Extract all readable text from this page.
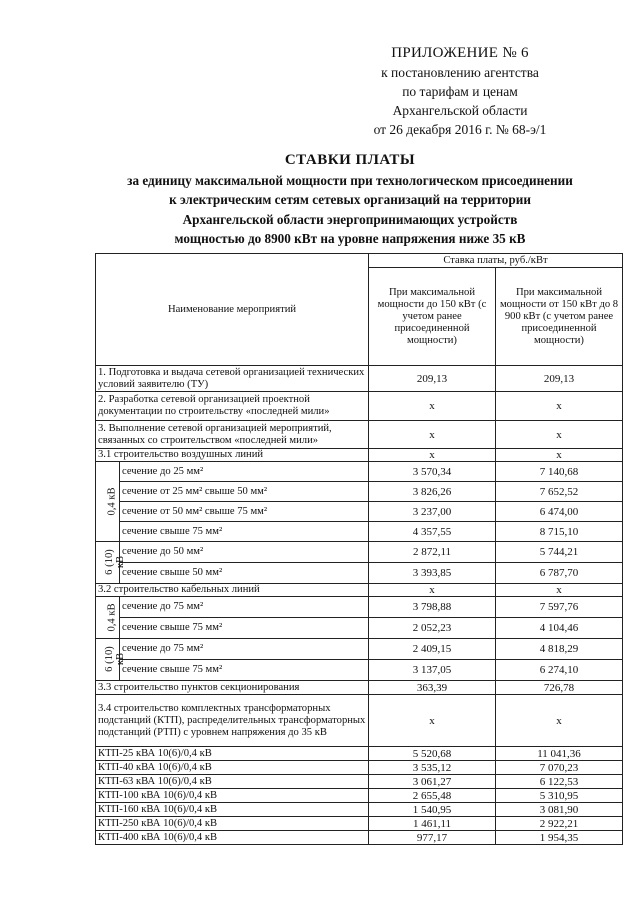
ПРИЛОЖЕНИЕ № 6
к постановлению агентства
по тарифам и ценам
Архангельской области
от 26 декабря 2016 г. № 68-э/1
СТАВКИ ПЛАТЫ
за единицу максимальной мощности при технологическом присоединении
к электрическим сетям сетевых организаций на территории
Архангельской области энергопринимающих устройств
мощностью до 8900 кВт на уровне напряжения ниже 35 кВ
Наименование мероприятий		Ставка платы, руб./кВт	
		При максимальной мощности до 150 кВт (с учетом ранее присоединенной мощности)	При максимальной мощности от 150 кВт до 8 900 кВт (с учетом ранее присоединенной мощности)
1. Подготовка и выдача сетевой организацией технических условий заявителю (ТУ)		209,13	209,13
2. Разработка сетевой организацией проектной документации по строительству «последней мили»		х	х
3. Выполнение сетевой организацией мероприятий, связанных со строительством «последней мили»		х	х
3.1 строительство воздушных линий		х	х
0,4 кВ	сечение до 25 мм²	3 570,34	7 140,68
	сечение от 25 мм² свыше 50 мм²	3 826,26	7 652,52
	сечение от 50 мм² свыше 75 мм²	3 237,00	6 474,00
	сечение свыше 75 мм²	4 357,55	8 715,10
6 (10) кВ	сечение до 50 мм²	2 872,11	5 744,21
	сечение свыше 50 мм²	3 393,85	6 787,70
3.2 строительство кабельных линий		х	х
0,4 кВ	сечение до 75 мм²	3 798,88	7 597,76
	сечение свыше 75 мм²	2 052,23	4 104,46
6 (10) кВ	сечение до 75 мм²	2 409,15	4 818,29
	сечение свыше 75 мм²	3 137,05	6 274,10
3.3 строительство пунктов секционирования		363,39	726,78
3.4 строительство комплектных трансформаторных подстанций (КТП), распределительных трансформаторных подстанций (РТП) с уровнем напряжения до 35 кВ		х	х
КТП-25 кВА 10(6)/0,4 кВ		5 520,68	11 041,36
КТП-40 кВА 10(6)/0,4 кВ		3 535,12	7 070,23
КТП-63 кВА 10(6)/0,4 кВ		3 061,27	6 122,53
КТП-100 кВА 10(6)/0,4 кВ		2 655,48	5 310,95
КТП-160 кВА 10(6)/0,4 кВ		1 540,95	3 081,90
КТП-250 кВА 10(6)/0,4 кВ		1 461,11	2 922,21
КТП-400 кВА 10(6)/0,4 кВ		977,17	1 954,35
